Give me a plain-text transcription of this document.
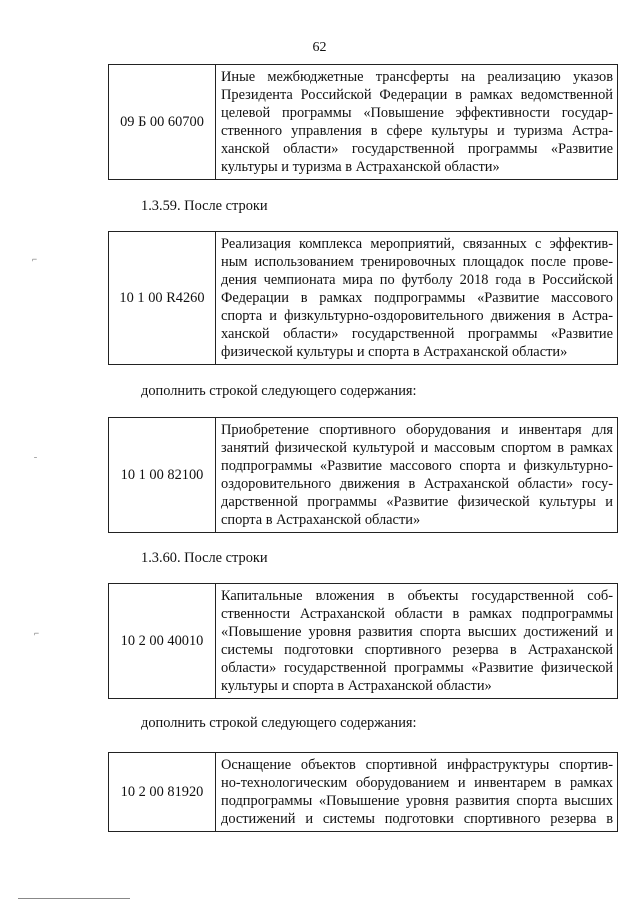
62
⌐
ˉ
⌐
09 Б 00 60700	
Иные межбюджетные трансферты на реализацию указов
Президента Российской Федерации в рамках ведомственной
целевой программы «Повышение эффективности государ-
ственного управления в сфере культуры и туризма Астра-
ханской области» государственной программы «Развитие
культуры и туризма в Астраханской области»
1.3.59. После строки
10 1 00 R4260	
Реализация комплекса мероприятий, связанных с эффектив-
ным использованием тренировочных площадок после прове-
дения чемпионата мира по футболу 2018 года в Российской
Федерации в рамках подпрограммы «Развитие массового
спорта и физкультурно-оздоровительного движения в Астра-
ханской области» государственной программы «Развитие
физической культуры и спорта в Астраханской области»
дополнить строкой следующего содержания:
10 1 00 82100	
Приобретение спортивного оборудования и инвентаря для
занятий физической культурой и массовым спортом в рамках
подпрограммы «Развитие массового спорта и физкультурно-
оздоровительного движения в Астраханской области» госу-
дарственной программы «Развитие физической культуры и
спорта в Астраханской области»
1.3.60. После строки
10 2 00 40010	
Капитальные вложения в объекты государственной соб-
ственности Астраханской области в рамках подпрограммы
«Повышение уровня развития спорта высших достижений и
системы подготовки спортивного резерва в Астраханской
области» государственной программы «Развитие физической
культуры и спорта в Астраханской области»
дополнить строкой следующего содержания:
10 2 00 81920	
Оснащение объектов спортивной инфраструктуры спортив-
но-технологическим оборудованием и инвентарем в рамках
подпрограммы «Повышение уровня развития спорта высших
достижений и системы подготовки спортивного резерва в
